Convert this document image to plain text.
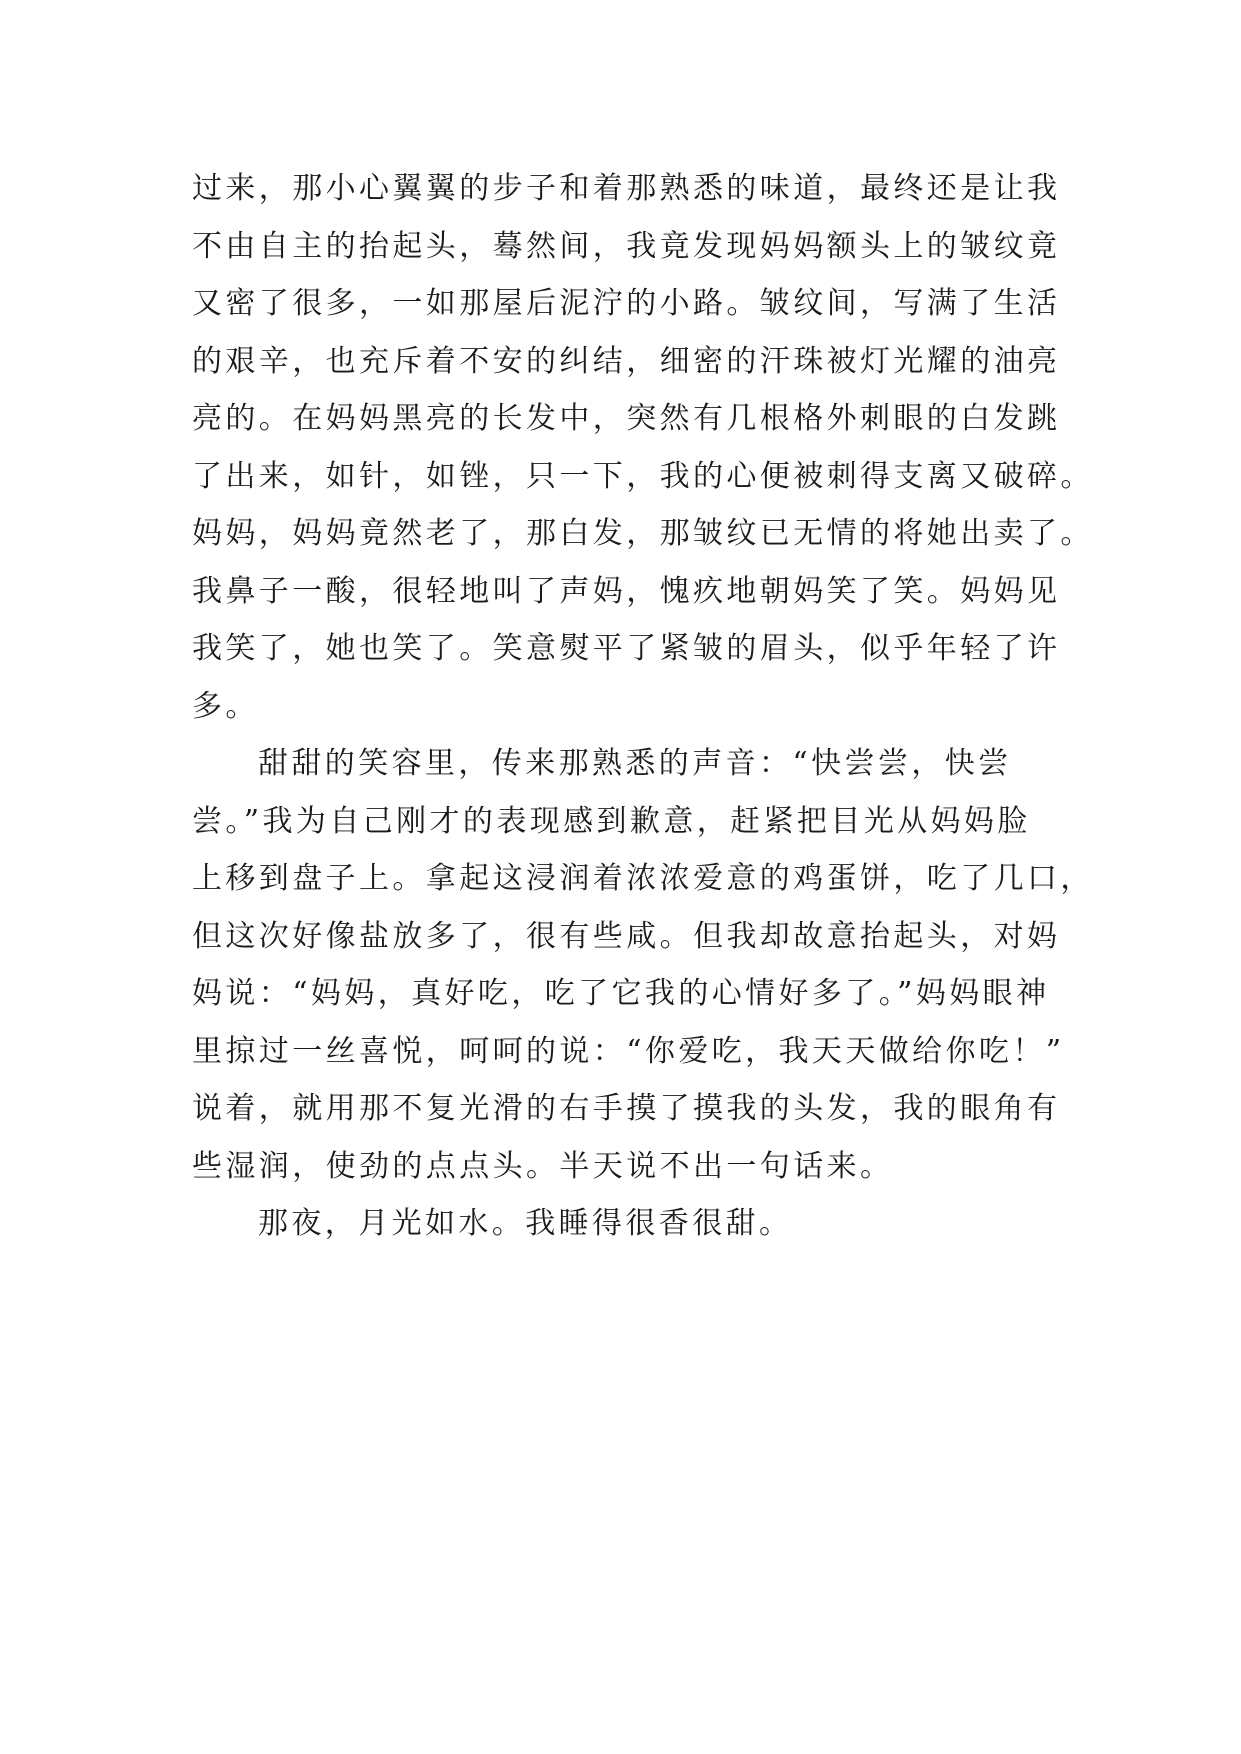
过来，那小心翼翼的步子和着那熟悉的味道，最终还是让我
不由自主的抬起头，蓦然间，我竟发现妈妈额头上的皱纹竟
又密了很多，一如那屋后泥泞的小路。皱纹间，写满了生活
的艰辛，也充斥着不安的纠结，细密的汗珠被灯光耀的油亮
亮的。在妈妈黑亮的长发中，突然有几根格外刺眼的白发跳
了出来，如针，如锉，只一下，我的心便被刺得支离又破碎。
妈妈，妈妈竟然老了，那白发，那皱纹已无情的将她出卖了。
我鼻子一酸，很轻地叫了声妈，愧疚地朝妈笑了笑。妈妈见
我笑了，她也笑了。笑意熨平了紧皱的眉头，似乎年轻了许
多。
甜甜的笑容里，传来那熟悉的声音：“快尝尝，快尝
尝。”我为自己刚才的表现感到歉意，赶紧把目光从妈妈脸
上移到盘子上。拿起这浸润着浓浓爱意的鸡蛋饼，吃了几口，
但这次好像盐放多了，很有些咸。但我却故意抬起头，对妈
妈说：“妈妈，真好吃，吃了它我的心情好多了。”妈妈眼神
里掠过一丝喜悦，呵呵的说：“你爱吃，我天天做给你吃！”
说着，就用那不复光滑的右手摸了摸我的头发，我的眼角有
些湿润，使劲的点点头。半天说不出一句话来。
那夜，月光如水。我睡得很香很甜。
